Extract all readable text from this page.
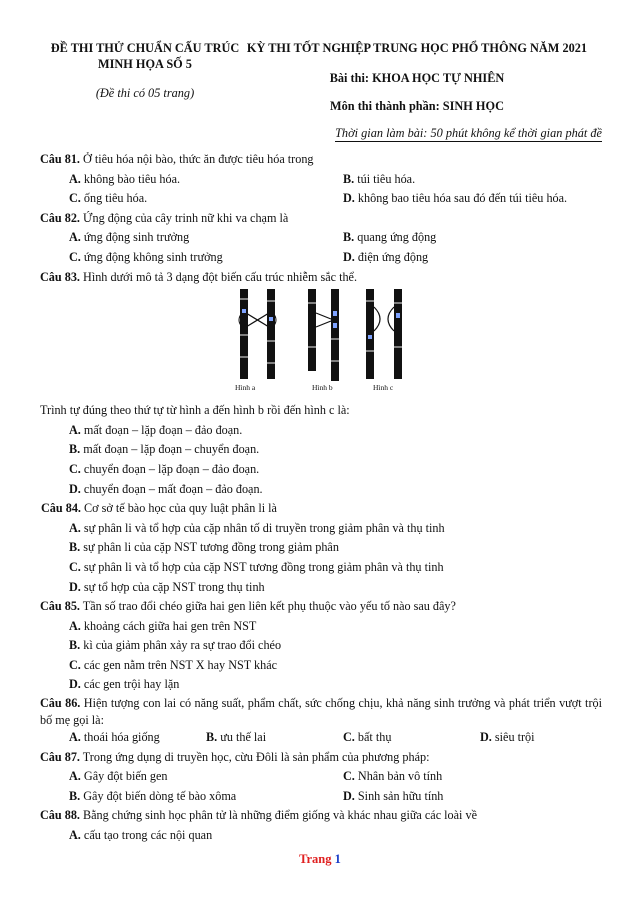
ĐỀ THI THỬ CHUẨN CẤU TRÚC MINH HỌA SỐ 5
(Đề thi có 05 trang)
KỲ THI TỐT NGHIỆP TRUNG HỌC PHỔ THÔNG NĂM 2021
Bài thi: KHOA HỌC TỰ NHIÊN
Môn thi thành phần: SINH HỌC
Thời gian làm bài: 50 phút không kể thời gian phát đề
Câu 81. Ở tiêu hóa nội bào, thức ăn được tiêu hóa trong
A. không bào tiêu hóa.	B. túi tiêu hóa.
C. ống tiêu hóa.	D. không bao tiêu hóa sau đó đến túi tiêu hóa.
Câu 82. Ứng động của cây trinh nữ khi va chạm là
A. ứng động sinh trưởng	B. quang ứng động
C. ứng động không sinh trưởng	D. điện ứng động
Câu 83. Hình dưới mô tả 3 dạng đột biến cấu trúc nhiễm sắc thể.
Hình a	Hình b	Hình c
Trình tự đúng theo thứ tự từ hình a đến hình b rồi đến hình c là:
A. mất đoạn – lặp đoạn – đảo đoạn.
B. mất đoạn – lặp đoạn – chuyển đoạn.
C. chuyển đoạn – lặp đoạn – đảo đoạn.
D. chuyển đoạn – mất đoạn – đảo đoạn.
Câu 84. Cơ sở tế bào học của quy luật phân li là
A. sự phân li và tổ hợp của cặp nhân tố di truyền trong giảm phân và thụ tinh
B. sự phân li của cặp NST tương đồng trong giảm phân
C. sự phân li và tổ hợp của cặp NST tương đồng trong giảm phân và thụ tinh
D. sự tổ hợp của cặp NST trong thụ tinh
Câu 85. Tần số trao đổi chéo giữa hai gen liên kết phụ thuộc vào yếu tố nào sau đây?
A. khoảng cách giữa hai gen trên NST
B. kì của giảm phân xảy ra sự trao đổi chéo
C. các gen nằm trên NST X hay NST khác
D. các gen trội hay lặn
Câu 86. Hiện tượng con lai có năng suất, phẩm chất, sức chống chịu, khả năng sinh trưởng và phát triển vượt trội bố mẹ gọi là:
A. thoái hóa giống	B. ưu thế lai	C. bất thụ	D. siêu trội
Câu 87. Trong ứng dụng di truyền học, cừu Đôli là sản phẩm của phương pháp:
A. Gây đột biến gen	C. Nhân bản vô tính
B. Gây đột biến dòng tế bào xôma	D. Sinh sản hữu tính
Câu 88. Bằng chứng sinh học phân tử là những điểm giống và khác nhau giữa các loài về
A. cấu tạo trong các nội quan
Trang 1
